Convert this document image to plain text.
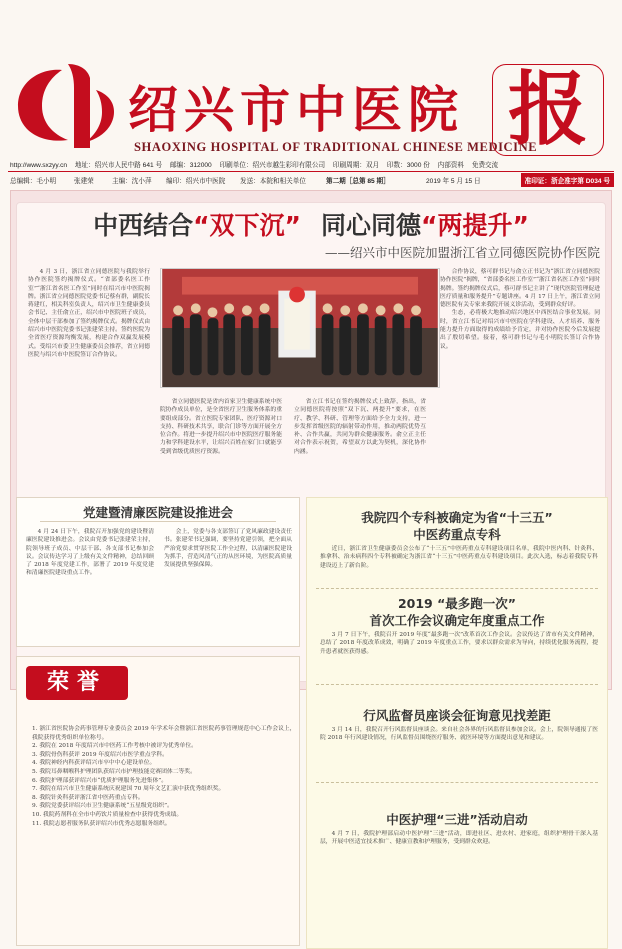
绍兴市中医院
SHAOXING HOSPITAL OF TRADITIONAL CHINESE MEDICINE
报
http://www.sxzyy.cn 地址：绍兴市人民中路 641 号 邮编：312000 印刷单位：绍兴市越生彩印有限公司 印刷周期：双月 印数：3000 份 内部资料 免费交流
总编辑：毛小明	张建荣	主编：沈小萍 编印：绍兴市中医院 发送：本院和相关单位	第二期［总第 85 期］	2019 年 5 月 15 日	准印证：浙企准字第 D034 号
中西结合“双下沉” 同心同德“两提升”
——绍兴市中医院加盟浙江省立同德医院协作医院

4 月 3 日，浙江省立同德医院与我院举行协作医院签约揭牌仪式。“省部委名医工作室”“浙江省名医工作室”同时在绍兴市中医院揭牌。浙江省立同德医院党委书记蔡有群，副院长蒋建红，相关科室负责人，绍兴市卫生健康委员会书记、主任俞立正，绍兴市中医院班子成员，全体中层干部参加了签约揭牌仪式。揭牌仪式由绍兴市中医院党委书记张建荣主持。签约医院为全省医疗资源均衡发展，构建合作双赢发展模式。受绍兴市委卫生健康委员会推荐，省立同德医院与绍兴市中医院签订合作协议。

省立同德医院是省内首家卫生健康系统中医院协作成员单位，是全省医疗卫生服务体系的重要组成部分。省立医院专家团队、医疗资源对口支持、科研技术共享，联合门诊等方面开展全方位合作。将进一步提升绍兴市中医院医疗服务能力和学科建设水平，让绍兴百姓在家门口就能享受到省级优质医疗资源。

省立江书记在签约揭牌仪式上致辞，指出，省立同德医院将按照“双下沉、两提升”要求，在医疗、教学、科研、管理等方面给予全力支持，进一步发挥省级医院的辐射带动作用，推动两院优势互补、合作共赢，共同为群众健康服务。俞立正主任对合作表示祝贺，希望双方以此为契机，深化协作内涵。

合作协议，蔡可群书记与俞立正书记为“浙江省立同德医院协作医院”揭牌，“省部委名医工作室”“浙江省名医工作室”同时揭牌。签约揭牌仪式后，蔡可群书记主讲了“现代医院管理促进医疗质量和服务提升”专题讲座。4 月 17 日上午，浙江省立同德医院有关专家来我院开展义诊活动，受到群众好评。

生态，必将极大地推动绍兴地区中西医结合事业发展。同时，省立江书记对绍兴市中医院在学科建设、人才培养、服务能力提升方面取得的成绩给予肯定，并对协作医院今后发展提出了殷切希望。接着，蔡可群书记与毛小明院长签订合作协议。

党建暨清廉医院建设推进会

4 月 24 日下午，我院召开加强党的建设暨清廉医院建设推进会。会议由党委书记张建荣主持，院领导班子成员、中层干部、各支部书记参加会议。会议传达学习了上级有关文件精神，总结回顾了 2018 年度党建工作，部署了 2019 年度党建和清廉医院建设重点工作。

会上，党委与各支部签订了党风廉政建设责任书。张建荣书记强调，要坚持党建引领，把全面从严治党要求贯穿医院工作全过程，以清廉医院建设为抓手，营造风清气正的从医环境，为医院高质量发展提供坚强保障。

荣誉
1. 浙江省医院协会药事管理专业委员会 2019 年学术年会暨浙江省医院药事管理规范中心工作会议上，我院获得优秀组织单位称号。
2. 我院在 2018 年度绍兴市中医药工作考核中被评为优秀单位。
3. 我院骨伤科获评 2019 年度绍兴市医学重点学科。
4. 我院神经内科获评绍兴市卒中中心建设单位。
5. 我院耳鼻咽喉科护理团队获绍兴市护理技能竞赛团体二等奖。
6. 我院护理部获评绍兴市“优质护理服务先进集体”。
7. 我院在绍兴市卫生健康系统庆祝建国 70 周年文艺汇演中获优秀组织奖。
8. 我院针灸科获评浙江省中医药重点专科。
9. 我院党委获评绍兴市卫生健康系统“五星级党组织”。
10. 我院药剂科在全市中药饮片质量检查中获得优秀成绩。
11. 我院志愿者服务队获评绍兴市优秀志愿服务组织。
我院四个专科被确定为省“十三五”
中医药重点专科

近日，浙江省卫生健康委员会公布了“十三五”中医药重点专科建设项目名单，我院中医内科、针灸科、推拿科、治未病科四个专科被确定为浙江省“十三五”中医药重点专科建设项目。此次入选，标志着我院专科建设迈上了新台阶。

2019 “最多跑一次”
首次工作会议确定年度重点工作

3 月 7 日下午，我院召开 2019 年度“最多跑一次”改革首次工作会议。会议传达了省市有关文件精神，总结了 2018 年度改革成效，明确了 2019 年度重点工作，要求以群众需求为导向，持续优化服务流程，提升患者就医获得感。

行风监督员座谈会征询意见找差距

3 月 14 日，我院召开行风监督员座谈会。来自社会各界的行风监督员参加会议。会上，院领导通报了医院 2018 年行风建设情况，行风监督员围绕医疗服务、就医环境等方面提出意见和建议。

中医护理“三进”活动启动

4 月 7 日，我院护理部启动中医护理“三进”活动，即进社区、进农村、进家庭，组织护理骨干深入基层，开展中医适宜技术推广、健康宣教和护理服务，受到群众欢迎。
